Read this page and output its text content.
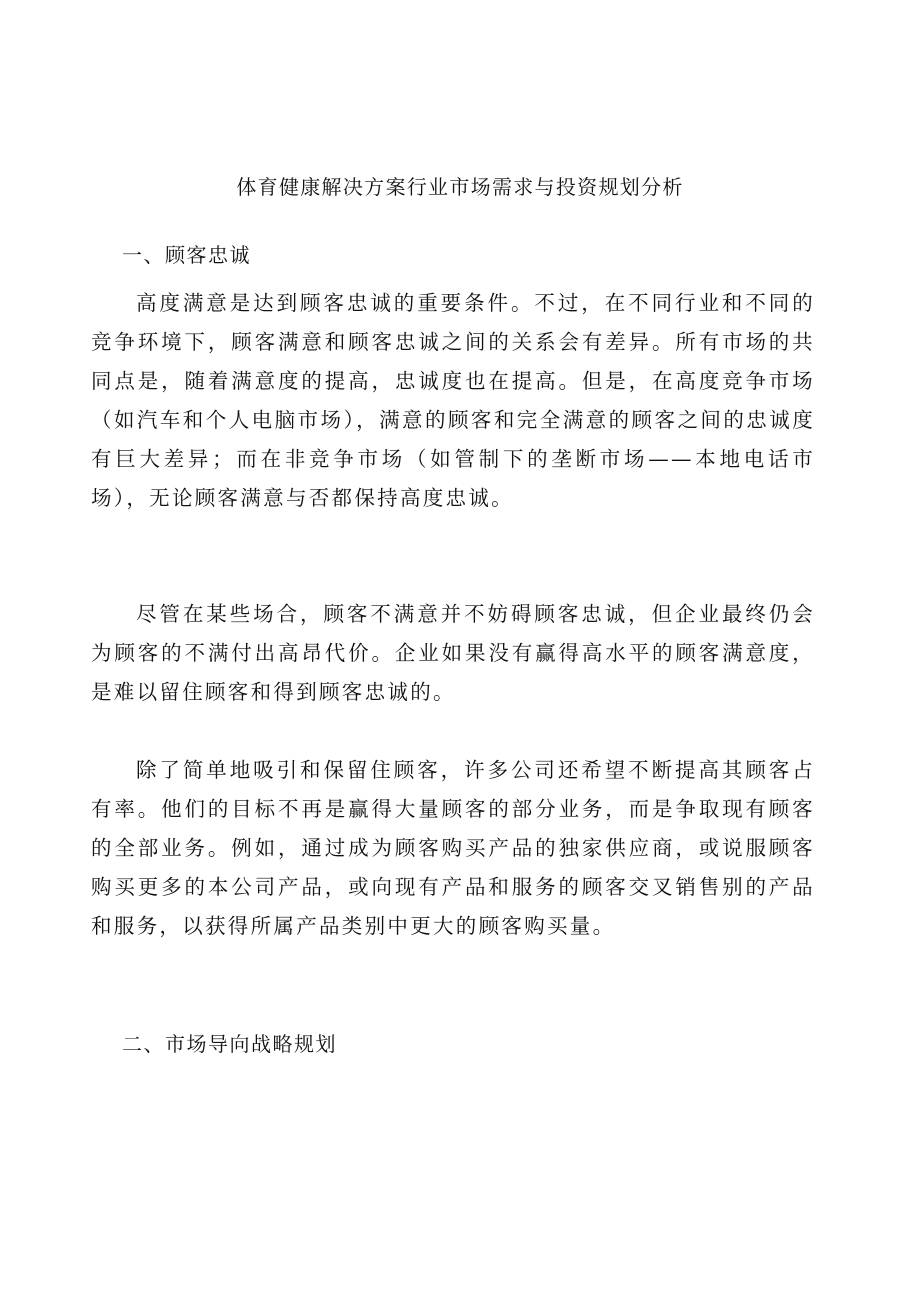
体育健康解决方案行业市场需求与投资规划分析
一、顾客忠诚

高度满意是达到顾客忠诚的重要条件。不过，在不同行业和不同的竞争环境下，顾客满意和顾客忠诚之间的关系会有差异。所有市场的共同点是，随着满意度的提高，忠诚度也在提高。但是，在高度竞争市场（如汽车和个人电脑市场），满意的顾客和完全满意的顾客之间的忠诚度有巨大差异；而在非竞争市场（如管制下的垄断市场——本地电话市场），无论顾客满意与否都保持高度忠诚。

尽管在某些场合，顾客不满意并不妨碍顾客忠诚，但企业最终仍会为顾客的不满付出高昂代价。企业如果没有赢得高水平的顾客满意度，是难以留住顾客和得到顾客忠诚的。

除了简单地吸引和保留住顾客，许多公司还希望不断提高其顾客占有率。他们的目标不再是赢得大量顾客的部分业务，而是争取现有顾客的全部业务。例如，通过成为顾客购买产品的独家供应商，或说服顾客购买更多的本公司产品，或向现有产品和服务的顾客交叉销售别的产品和服务，以获得所属产品类别中更大的顾客购买量。

二、市场导向战略规划
